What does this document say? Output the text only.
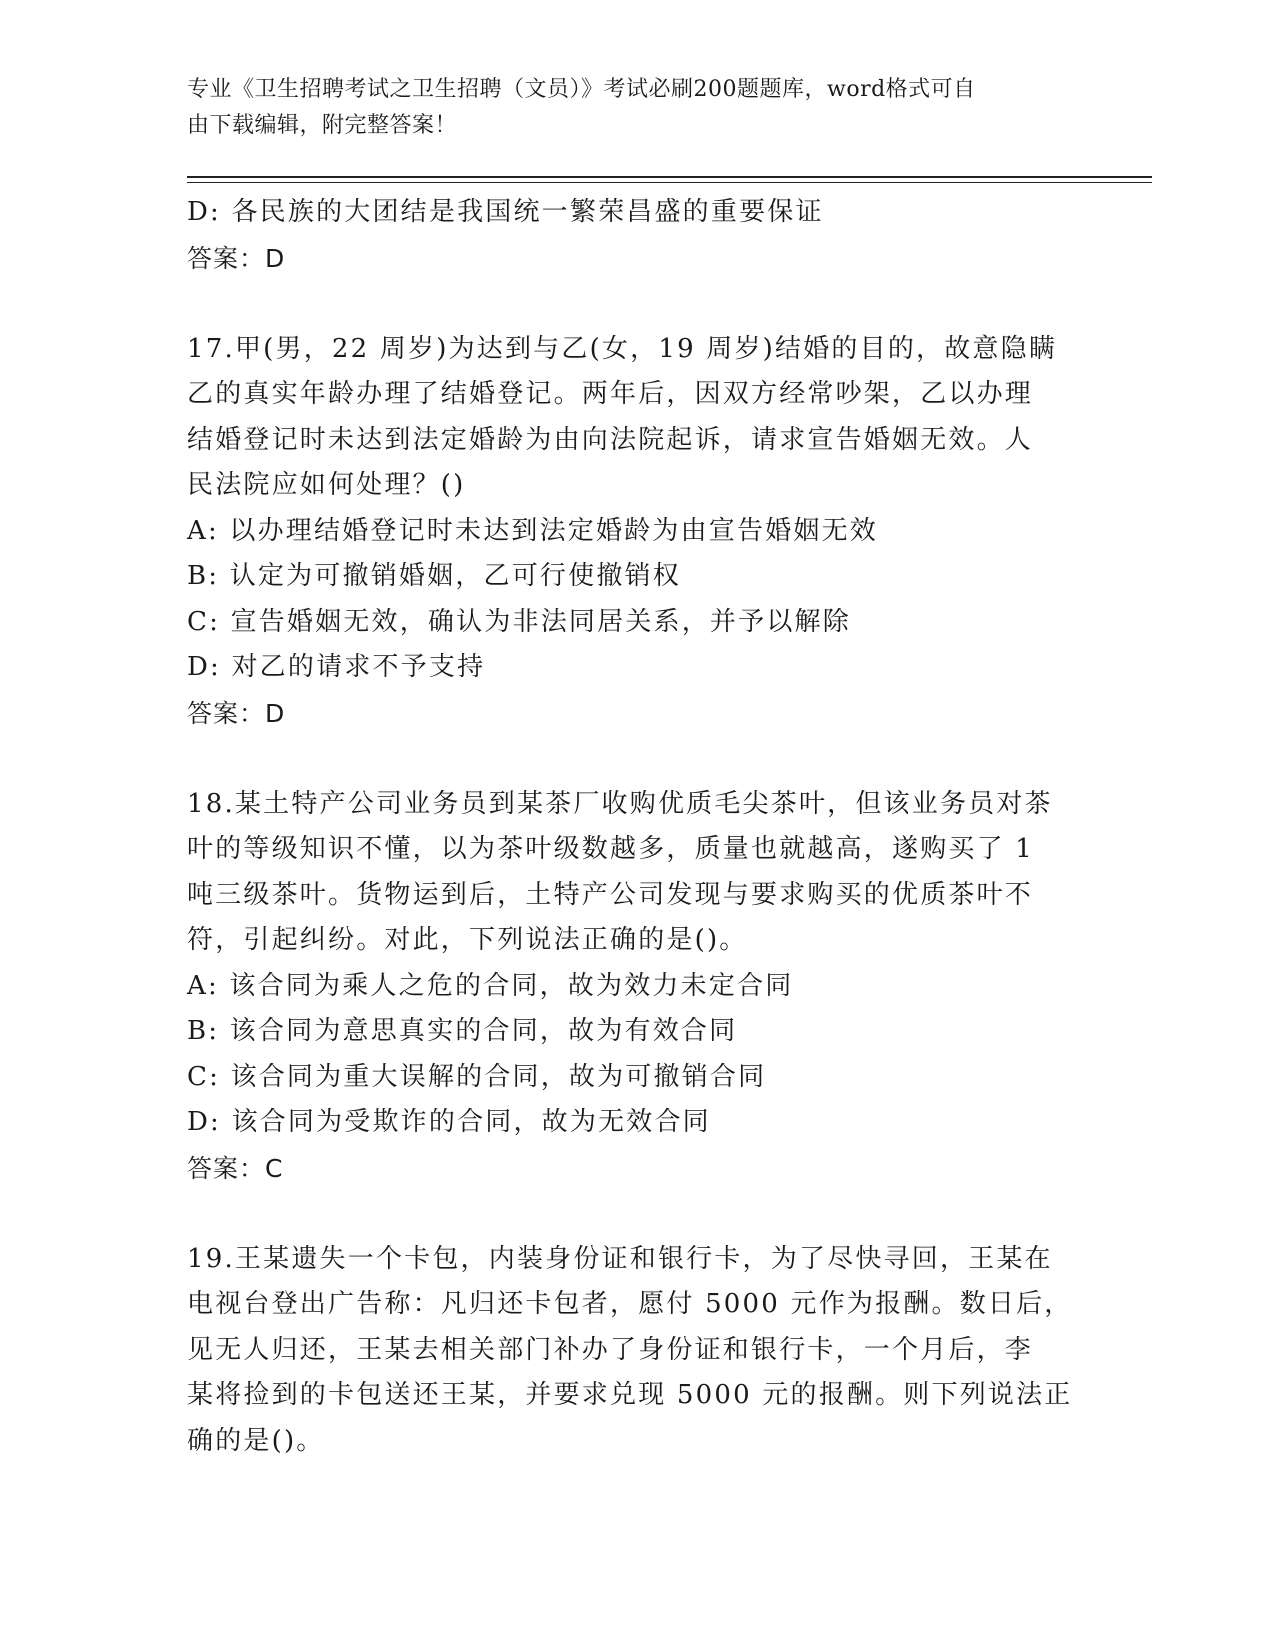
专业《卫生招聘考试之卫生招聘（文员）》考试必刷200题题库，word格式可自
由下载编辑，附完整答案！
D: 各民族的大团结是我国统一繁荣昌盛的重要保证
答案：D
17.甲(男，22 周岁)为达到与乙(女，19 周岁)结婚的目的，故意隐瞒
乙的真实年龄办理了结婚登记。两年后，因双方经常吵架，乙以办理
结婚登记时未达到法定婚龄为由向法院起诉，请求宣告婚姻无效。人
民法院应如何处理？()
A: 以办理结婚登记时未达到法定婚龄为由宣告婚姻无效
B: 认定为可撤销婚姻，乙可行使撤销权
C: 宣告婚姻无效，确认为非法同居关系，并予以解除
D: 对乙的请求不予支持
答案：D
18.某土特产公司业务员到某茶厂收购优质毛尖茶叶，但该业务员对茶
叶的等级知识不懂，以为茶叶级数越多，质量也就越高，遂购买了 1
吨三级茶叶。货物运到后，土特产公司发现与要求购买的优质茶叶不
符，引起纠纷。对此，下列说法正确的是()。
A: 该合同为乘人之危的合同，故为效力未定合同
B: 该合同为意思真实的合同，故为有效合同
C: 该合同为重大误解的合同，故为可撤销合同
D: 该合同为受欺诈的合同，故为无效合同
答案：C
19.王某遗失一个卡包，内装身份证和银行卡，为了尽快寻回，王某在
电视台登出广告称：凡归还卡包者，愿付 5000 元作为报酬。数日后，
见无人归还，王某去相关部门补办了身份证和银行卡，一个月后，李
某将捡到的卡包送还王某，并要求兑现 5000 元的报酬。则下列说法正
确的是()。
